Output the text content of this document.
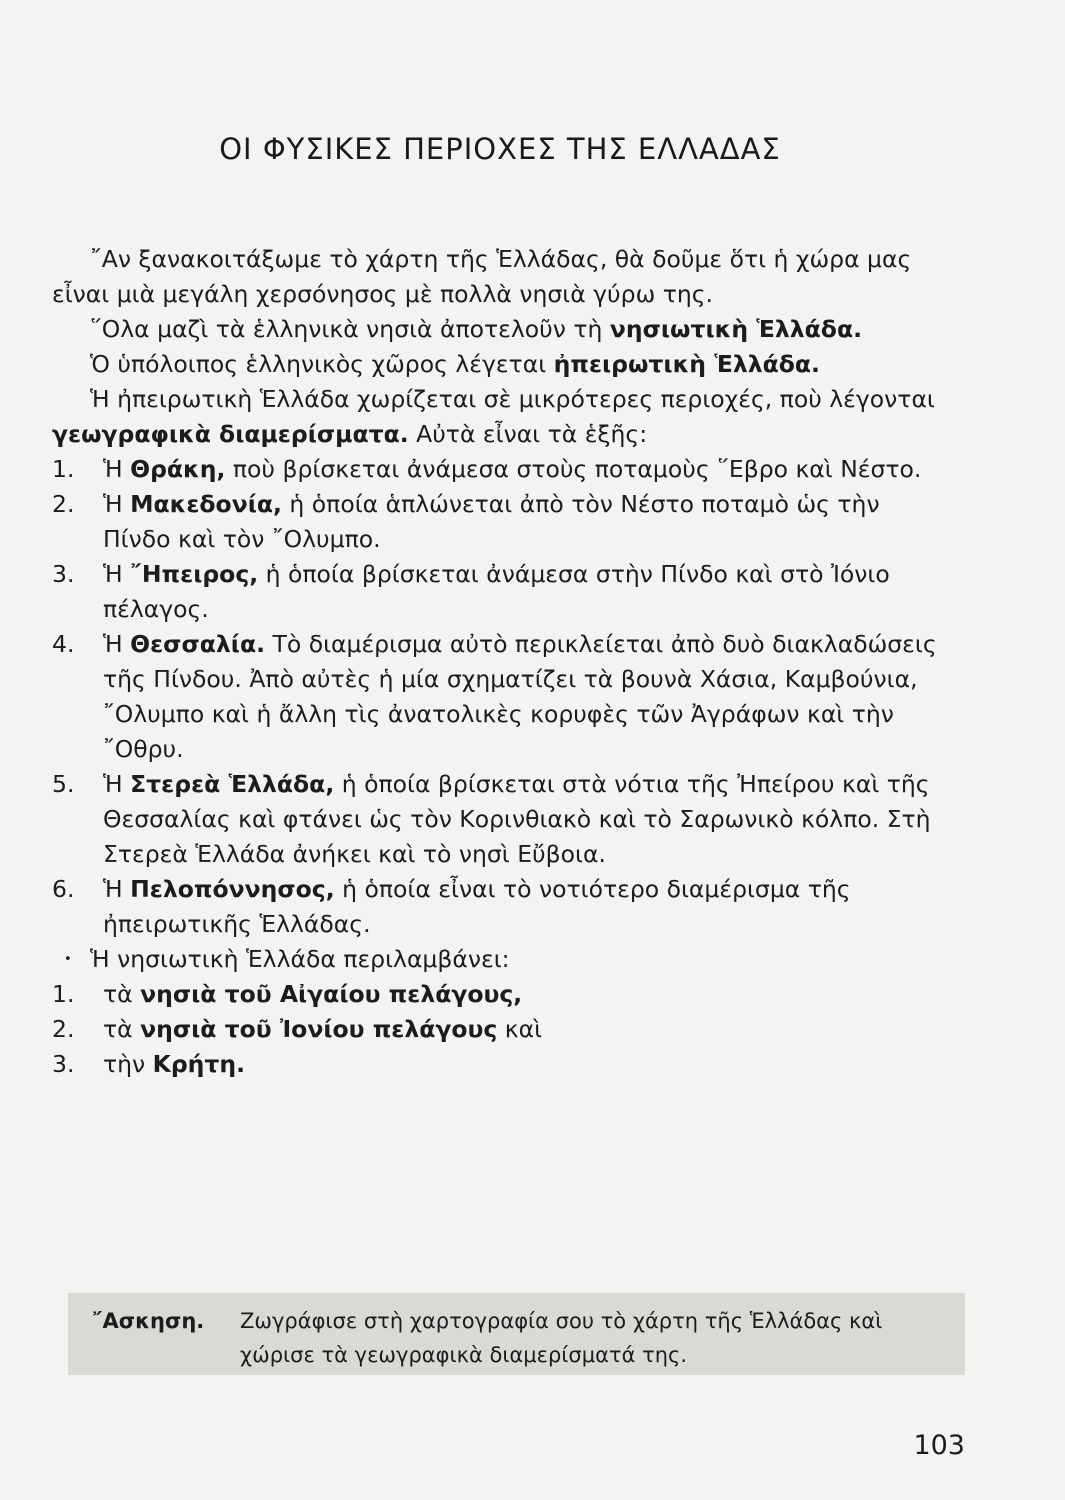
ΟΙ ΦΥΣΙΚΕΣ ΠΕΡΙΟΧΕΣ ΤΗΣ ΕΛΛΑΔΑΣ

῎Αν ξανακοιτάξωμε τὸ χάρτη τῆς Ἑλλάδας, θὰ δοῦμε ὅτι ἡ χώρα μας εἶναι μιὰ μεγάλη χερσόνησος μὲ πολλὰ νησιὰ γύρω της.

῞Ολα μαζὶ τὰ ἑλληνικὰ νησιὰ ἀποτελοῦν τὴ νησιωτικὴ Ἑλλάδα.

Ὁ ὑπόλοιπος ἑλληνικὸς χῶρος λέγεται ἠπειρωτικὴ Ἑλλάδα.

Ἡ ἠπειρωτικὴ Ἑλλάδα χωρίζεται σὲ μικρότερες περιοχές, ποὺ λέγονται γεωγραφικὰ διαμερίσματα. Αὐτὰ εἶναι τὰ ἑξῆς:

1.	Ἡ Θράκη, ποὺ βρίσκεται ἀνάμεσα στοὺς ποταμοὺς ῞Εβρο καὶ Νέστο.
2.	Ἡ Μακεδονία, ἡ ὁποία ἁπλώνεται ἀπὸ τὸν Νέστο ποταμὸ ὡς τὴν Πίνδο καὶ τὸν ῎Ολυμπο.
3.	Ἡ ῎Ηπειρος, ἡ ὁποία βρίσκεται ἀνάμεσα στὴν Πίνδο καὶ στὸ Ἰόνιο πέλαγος.
4.	Ἡ Θεσσαλία. Τὸ διαμέρισμα αὐτὸ περικλείεται ἀπὸ δυὸ διακλαδώσεις τῆς Πίνδου. Ἀπὸ αὐτὲς ἡ μία σχηματίζει τὰ βουνὰ Χάσια, Καμβούνια, ῎Ολυμπο καὶ ἡ ἄλλη τὶς ἀνατολικὲς κορυφὲς τῶν Ἀγράφων καὶ τὴν ῎Οθρυ.
5.	Ἡ Στερεὰ Ἑλλάδα, ἡ ὁποία βρίσκεται στὰ νότια τῆς Ἠπείρου καὶ τῆς Θεσσαλίας καὶ φτάνει ὡς τὸν Κορινθιακὸ καὶ τὸ Σαρωνικὸ κόλπο. Στὴ Στερεὰ Ἑλλάδα ἀνήκει καὶ τὸ νησὶ Εὔβοια.
6.	Ἡ Πελοπόννησος, ἡ ὁποία εἶναι τὸ νοτιότερο διαμέρισμα τῆς ἠπειρωτικῆς Ἑλλάδας.

• Ἡ νησιωτικὴ Ἑλλάδα περιλαμβάνει:

1.	τὰ νησιὰ τοῦ Αἰγαίου πελάγους,
2.	τὰ νησιὰ τοῦ Ἰονίου πελάγους καὶ
3.	τὴν Κρήτη.
῎Ασκηση.	Ζωγράφισε στὴ χαρτογραφία σου τὸ χάρτη τῆς Ἑλλάδας καὶ χώρισε τὰ γεωγραφικὰ διαμερίσματά της.
103
